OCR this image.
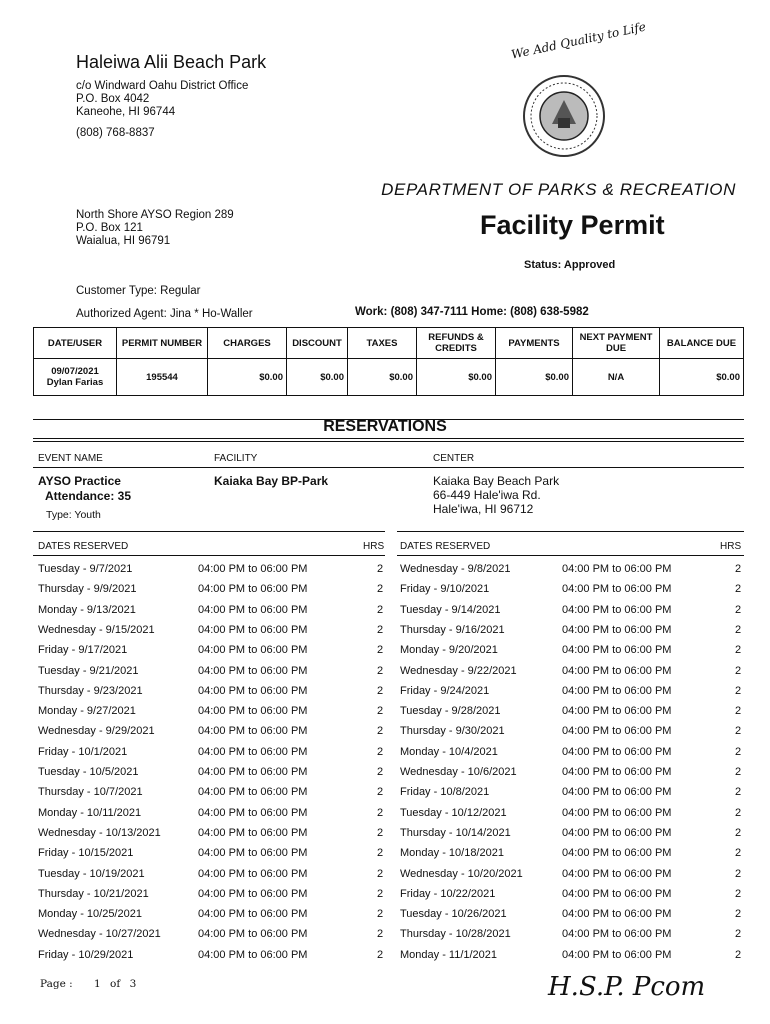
Haleiwa Alii Beach Park
c/o Windward Oahu District Office
P.O. Box 4042
Kaneohe, HI 96744
(808) 768-8837
We Add Quality to Life
DEPARTMENT OF PARKS & RECREATION
Facility Permit
Status: Approved
North Shore AYSO Region 289
P.O. Box 121
Waialua, HI 96791
Customer Type: Regular
Authorized Agent: Jina * Ho-Waller	Work: (808) 347-7111 Home: (808) 638-5982
DATE/USER	PERMIT NUMBER	CHARGES	DISCOUNT	TAXES	REFUNDS & CREDITS	PAYMENTS	NEXT PAYMENT DUE	BALANCE DUE

09/07/2021
Dylan Farias	195544	$0.00	$0.00	$0.00	$0.00	$0.00	N/A	$0.00
RESERVATIONS
EVENT NAME	FACILITY	CENTER
AYSO Practice
Attendance: 35
Type: Youth
Kaiaka Bay BP-Park	Kaiaka Bay Beach Park
66-449 Hale'iwa Rd.
Hale'iwa, HI 96712
DATES RESERVED	HRS DATES RESERVED	HRS
Tuesday - 9/7/2021	04:00 PM to 06:00 PM	2
Thursday - 9/9/2021	04:00 PM to 06:00 PM	2
Monday - 9/13/2021	04:00 PM to 06:00 PM	2
Wednesday - 9/15/2021	04:00 PM to 06:00 PM	2
Friday - 9/17/2021	04:00 PM to 06:00 PM	2
Tuesday - 9/21/2021	04:00 PM to 06:00 PM	2
Thursday - 9/23/2021	04:00 PM to 06:00 PM	2
Monday - 9/27/2021	04:00 PM to 06:00 PM	2
Wednesday - 9/29/2021	04:00 PM to 06:00 PM	2
Friday - 10/1/2021	04:00 PM to 06:00 PM	2
Tuesday - 10/5/2021	04:00 PM to 06:00 PM	2
Thursday - 10/7/2021	04:00 PM to 06:00 PM	2
Monday - 10/11/2021	04:00 PM to 06:00 PM	2
Wednesday - 10/13/2021	04:00 PM to 06:00 PM	2
Friday - 10/15/2021	04:00 PM to 06:00 PM	2
Tuesday - 10/19/2021	04:00 PM to 06:00 PM	2
Thursday - 10/21/2021	04:00 PM to 06:00 PM	2
Monday - 10/25/2021	04:00 PM to 06:00 PM	2
Wednesday - 10/27/2021	04:00 PM to 06:00 PM	2
Friday - 10/29/2021	04:00 PM to 06:00 PM	2
Wednesday - 9/8/2021	04:00 PM to 06:00 PM	2
Friday - 9/10/2021	04:00 PM to 06:00 PM	2
Tuesday - 9/14/2021	04:00 PM to 06:00 PM	2
Thursday - 9/16/2021	04:00 PM to 06:00 PM	2
Monday - 9/20/2021	04:00 PM to 06:00 PM	2
Wednesday - 9/22/2021	04:00 PM to 06:00 PM	2
Friday - 9/24/2021	04:00 PM to 06:00 PM	2
Tuesday - 9/28/2021	04:00 PM to 06:00 PM	2
Thursday - 9/30/2021	04:00 PM to 06:00 PM	2
Monday - 10/4/2021	04:00 PM to 06:00 PM	2
Wednesday - 10/6/2021	04:00 PM to 06:00 PM	2
Friday - 10/8/2021	04:00 PM to 06:00 PM	2
Tuesday - 10/12/2021	04:00 PM to 06:00 PM	2
Thursday - 10/14/2021	04:00 PM to 06:00 PM	2
Monday - 10/18/2021	04:00 PM to 06:00 PM	2
Wednesday - 10/20/2021	04:00 PM to 06:00 PM	2
Friday - 10/22/2021	04:00 PM to 06:00 PM	2
Tuesday - 10/26/2021	04:00 PM to 06:00 PM	2
Thursday - 10/28/2021	04:00 PM to 06:00 PM	2
Monday - 11/1/2021	04:00 PM to 06:00 PM	2
Page : 1 of 3	H.S.P. Pcom
